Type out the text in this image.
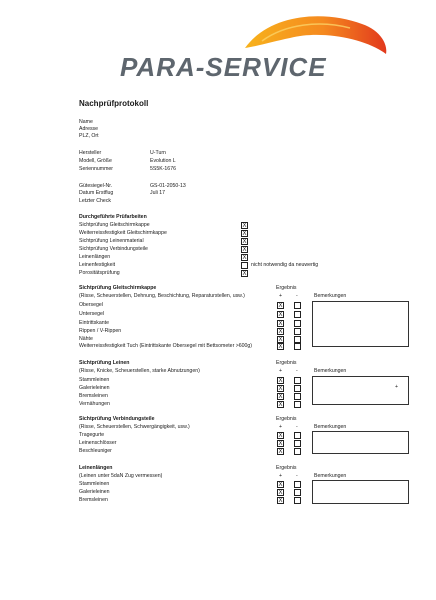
PARA-SERVICE
Nachprüfprotokoll
Name
Adresse
PLZ, Ort
Hersteller	U-Turn
Modell, Größe	Evolution L
Seriennummer	5S5K-1676
Gütesiegel-Nr.	GS-01-2050-13
Datum Erstflug	Juli 17
Letzter Check
Durchgeführte Prüfarbeiten
Sichtprüfung Gleitschirmkappe	X
Weiterreissfestigkeit Gleitschirmkappe	X
Sichtprüfung Leinenmaterial	X
Sichtprüfung Verbindungsteile	X
Leinenlängen	X
Leinenfestigkeit	nicht notwendig da neuwertig
Porositätsprüfung	X
Sichtprüfung Gleitschirmkappe	Ergebnis
(Risse, Scheuerstellen, Dehnung, Beschichtung, Reparaturstellen, usw.)	+	-	Bemerkungen
Obersegel	X
Untersegel	X
Eintrittskante	X
Rippen / V-Rippen	X
Nähte	X
Weiterreissfestigkeit Tuch (Eintrittskante Obersegel mit Bettsometer >600g)	X
Sichtprüfung Leinen	Ergebnis
(Risse, Knicke, Scheuerstellen, starke Abnutzungen)	+	-	Bemerkungen
+
Stammleinen	X
Galerieleinen	X
Bremsleinen	X
Vernähungen	X
Sichtprüfung Verbindungsteile	Ergebnis
(Risse, Scheuerstellen, Schwergängigkeit, usw.)	+	-	Bemerkungen
Tragegurte	X
Leinenschlösser	X
Beschleuniger	X
Leinenlängen	Ergebnis
(Leinen unter 5daN Zug vermessen)	+	-	Bemerkungen
Stammleinen	X
Galerieleinen	X
Bremsleinen	X
